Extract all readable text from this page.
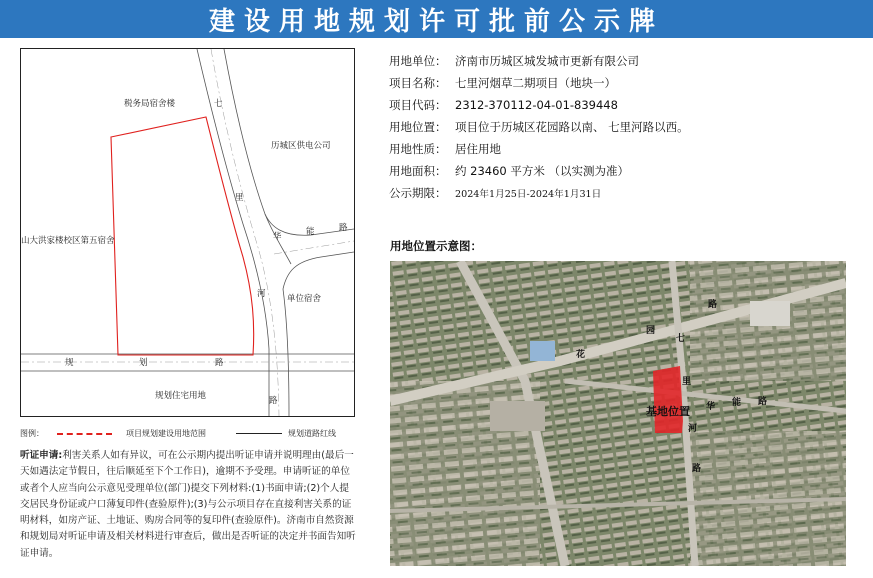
建设用地规划许可批前公示牌
税务局宿舍楼	七
历城区供电公司
里
山大洪家楼校区第五宿舍	华	能	路
河	单位宿舍
规	划	路
规划住宅用地	路
图例：	项目规划建设用地范围	规划道路红线
听证申请:利害关系人如有异议，可在公示期内提出听证申请并说明理由(最后一天如遇法定节假日，往后顺延至下个工作日)，逾期不予受理。申请听证的单位或者个人应当向公示意见受理单位(部门)提交下列材料:(1)书面申请;(2)个人提交居民身份证或户口薄复印件(查验原件);(3)与公示项目存在直接利害关系的证明材料，如房产证、土地证、购房合同等的复印件(查验原件)。济南市自然资源和规划局对听证申请及相关材料进行审查后，做出是否听证的决定并书面告知听证申请。
用地单位： 济南市历城区城发城市更新有限公司
项目名称： 七里河烟草二期项目（地块一）
项目代码： 2312-370112-04-01-839448
用地位置： 项目位于历城区花园路以南、 七里河路以西。
用地性质： 居住用地
用地面积： 约 23460 平方米 （以实测为准）
公示期限： 2024年1月25日-2024年1月31日
用地位置示意图：
路
园
七
花
里
基地位置 华 能 路
河
路
